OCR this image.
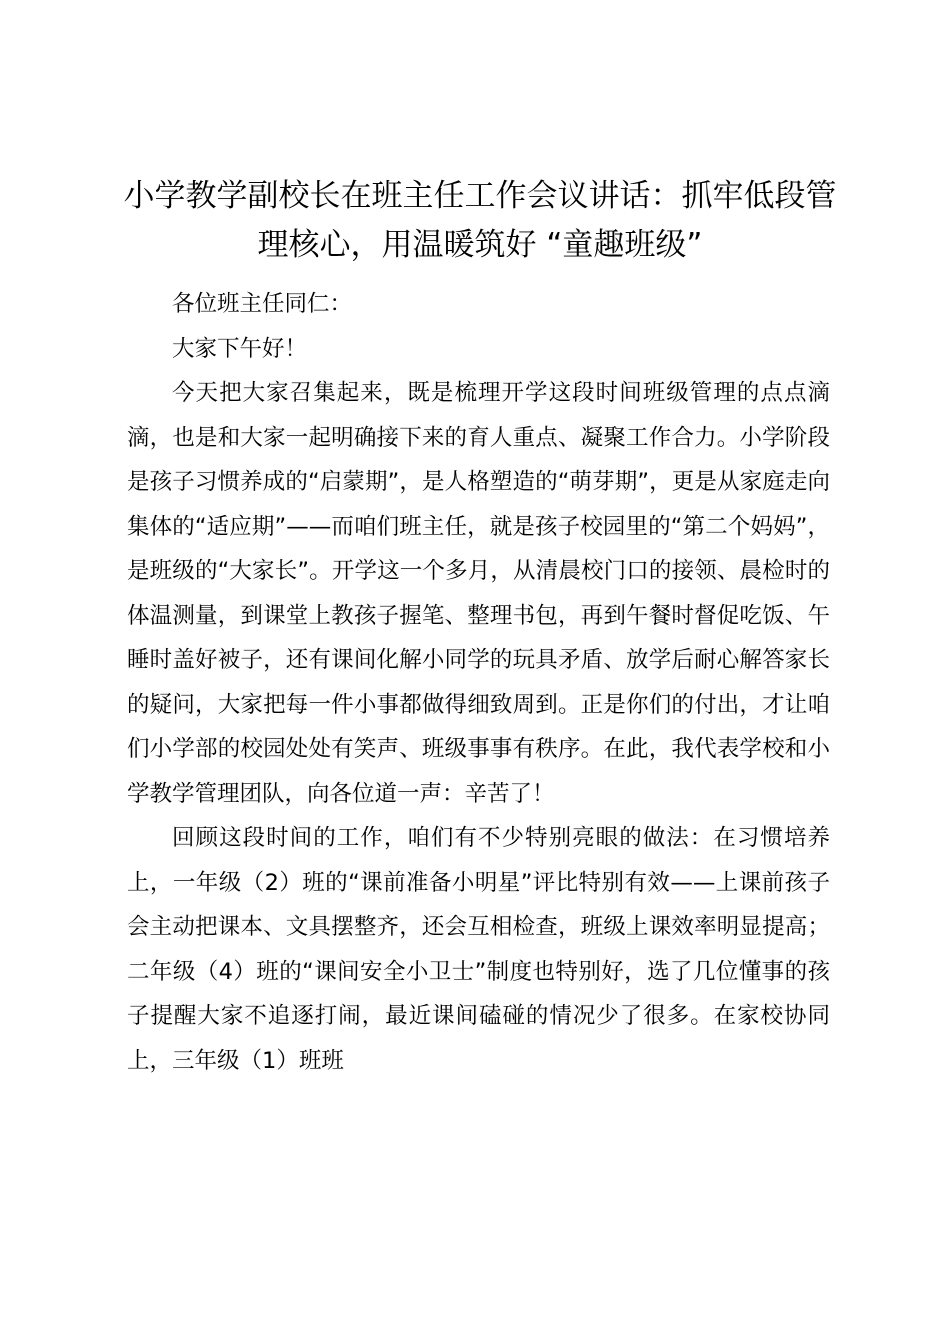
小学教学副校长在班主任工作会议讲话：抓牢低段管理核心，用温暖筑好 “童趣班级”

各位班主任同仁：

大家下午好！

今天把大家召集起来，既是梳理开学这段时间班级管理的点点滴滴，也是和大家一起明确接下来的育人重点、凝聚工作合力。小学阶段是孩子习惯养成的“启蒙期”，是人格塑造的“萌芽期”，更是从家庭走向集体的“适应期”——而咱们班主任，就是孩子校园里的“第二个妈妈”，是班级的“大家长”。开学这一个多月，从清晨校门口的接领、晨检时的体温测量，到课堂上教孩子握笔、整理书包，再到午餐时督促吃饭、午睡时盖好被子，还有课间化解小同学的玩具矛盾、放学后耐心解答家长的疑问，大家把每一件小事都做得细致周到。正是你们的付出，才让咱们小学部的校园处处有笑声、班级事事有秩序。在此，我代表学校和小学教学管理团队，向各位道一声：辛苦了！

回顾这段时间的工作，咱们有不少特别亮眼的做法：在习惯培养上，一年级（2）班的“课前准备小明星”评比特别有效——上课前孩子会主动把课本、文具摆整齐，还会互相检查，班级上课效率明显提高；二年级（4）班的“课间安全小卫士”制度也特别好，选了几位懂事的孩子提醒大家不追逐打闹，最近课间磕碰的情况少了很多。在家校协同上，三年级（1）班班
